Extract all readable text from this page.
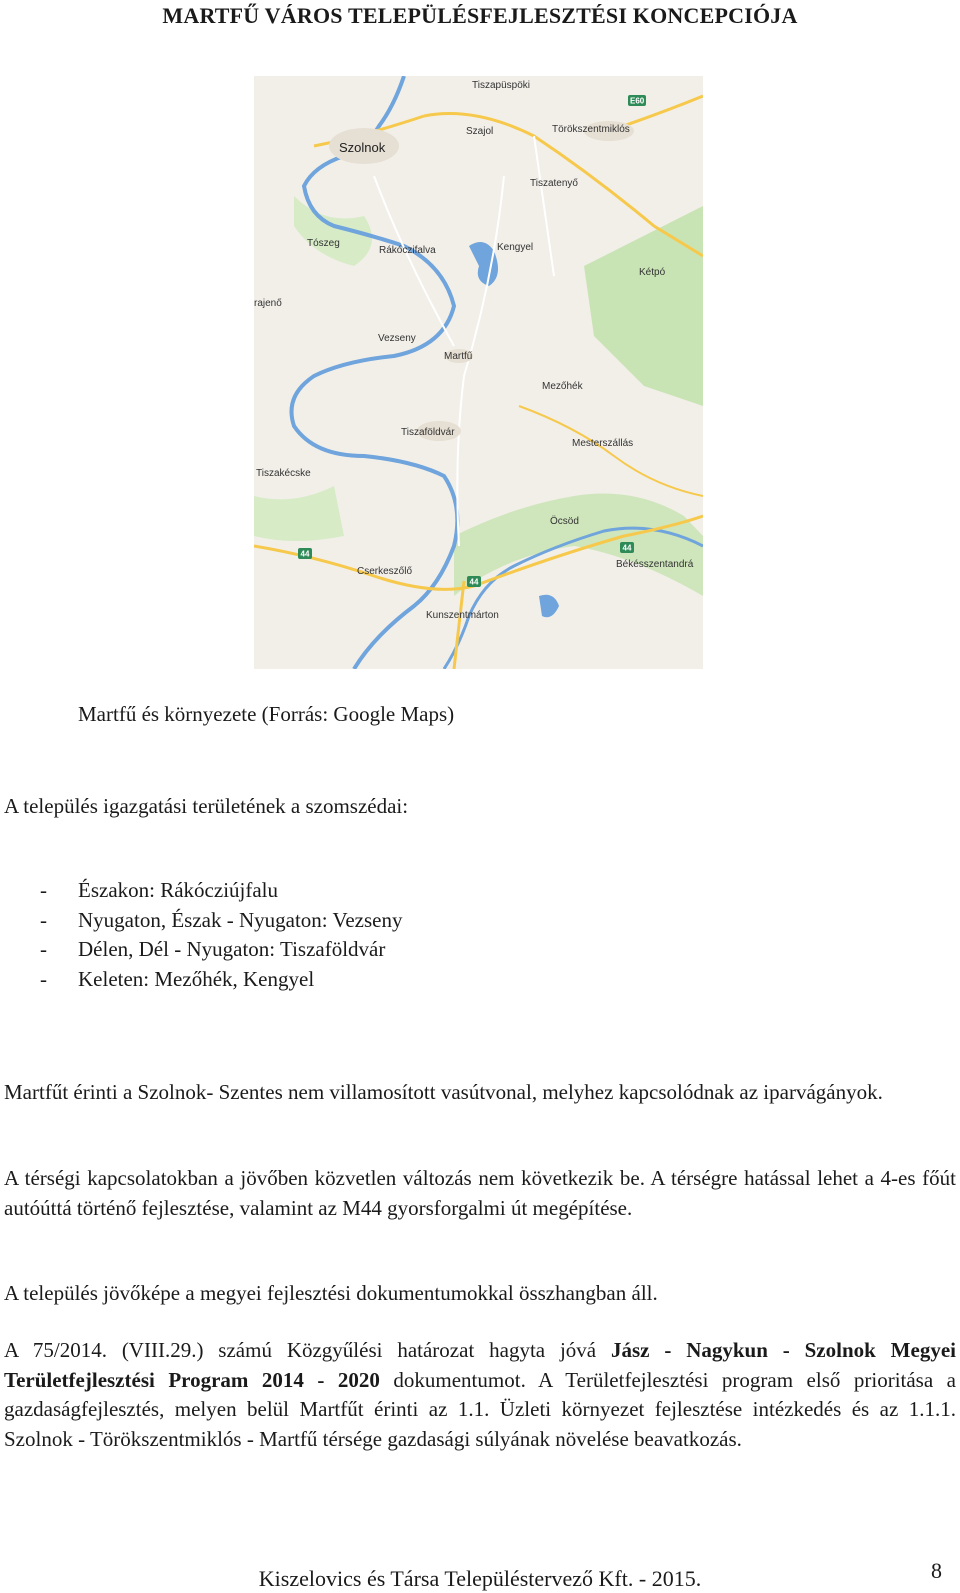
MARTFŰ VÁROS TELEPÜLÉSFEJLESZTÉSI KONCEPCIÓJA
Tiszapüspöki
Szolnok
Szajol	Törökszentmiklós
Tiszatenyő
Tószeg
Rákóczifalva	Kengyel
Kétpó
rajenő
Vezseny
Martfű
Mezőhék
Tiszaföldvár
Mesterszállás
Tiszakécske
Öcsöd
Cserkeszőlő
Békésszentandrá
Kunszentmárton
E60
44
44
44
Martfű és környezete (Forrás: Google Maps)
A település igazgatási területének a szomszédai:
- Északon: Rákócziújfalu
- Nyugaton, Észak - Nyugaton: Vezseny
- Délen, Dél - Nyugaton: Tiszaföldvár
- Keleten: Mezőhék, Kengyel
Martfűt érinti a Szolnok- Szentes nem villamosított vasútvonal, melyhez kapcsolódnak az iparvágányok.
A térségi kapcsolatokban a jövőben közvetlen változás nem következik be. A térségre hatással lehet a 4-es főút autóúttá történő fejlesztése, valamint az M44 gyorsforgalmi út megépítése.
A település jövőképe a megyei fejlesztési dokumentumokkal összhangban áll.
A 75/2014. (VIII.29.) számú Közgyűlési határozat hagyta jóvá Jász - Nagykun - Szolnok Megyei Területfejlesztési Program 2014 - 2020 dokumentumot. A Területfejlesztési program első prioritása a gazdaságfejlesztés, melyen belül Martfűt érinti az 1.1. Üzleti környezet fejlesztése intézkedés és az 1.1.1. Szolnok - Törökszentmiklós - Martfű térsége gazdasági súlyának növelése beavatkozás.
8
Kiszelovics és Társa Településtervező Kft. - 2015.
